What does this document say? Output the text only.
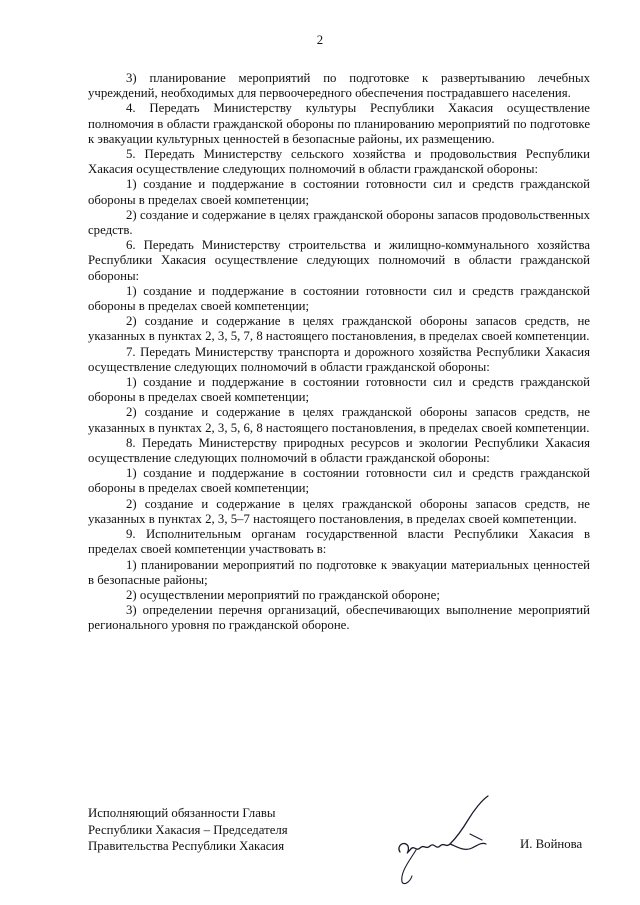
2

3) планирование мероприятий по подготовке к развертыванию лечебных учреждений, необходимых для первоочередного обеспечения пострадавшего населения.

4. Передать Министерству культуры Республики Хакасия осуществление полномочия в области гражданской обороны по планированию мероприятий по подготовке к эвакуации культурных ценностей в безопасные районы, их размещению.

5. Передать Министерству сельского хозяйства и продовольствия Республики Хакасия осуществление следующих полномочий в области гражданской обороны:

1) создание и поддержание в состоянии готовности сил и средств гражданской обороны в пределах своей компетенции;

2) создание и содержание в целях гражданской обороны запасов продовольственных средств.

6. Передать Министерству строительства и жилищно-коммунального хозяйства Республики Хакасия осуществление следующих полномочий в области гражданской обороны:

1) создание и поддержание в состоянии готовности сил и средств гражданской обороны в пределах своей компетенции;

2) создание и содержание в целях гражданской обороны запасов средств, не указанных в пунктах 2, 3, 5, 7, 8 настоящего постановления, в пределах своей компетенции.

7. Передать Министерству транспорта и дорожного хозяйства Республики Хакасия осуществление следующих полномочий в области гражданской обороны:

1) создание и поддержание в состоянии готовности сил и средств гражданской обороны в пределах своей компетенции;

2) создание и содержание в целях гражданской обороны запасов средств, не указанных в пунктах 2, 3, 5, 6, 8 настоящего постановления, в пределах своей компетенции.

8. Передать Министерству природных ресурсов и экологии Республики Хакасия осуществление следующих полномочий в области гражданской обороны:

1) создание и поддержание в состоянии готовности сил и средств гражданской обороны в пределах своей компетенции;

2) создание и содержание в целях гражданской обороны запасов средств, не указанных в пунктах 2, 3, 5–7 настоящего постановления, в пределах своей компетенции.

9. Исполнительным органам государственной власти Республики Хакасия в пределах своей компетенции участвовать в:

1) планировании мероприятий по подготовке к эвакуации материальных ценностей в безопасные районы;

2) осуществлении мероприятий по гражданской обороне;

3) определении перечня организаций, обеспечивающих выполнение мероприятий регионального уровня по гражданской обороне.

Исполняющий обязанности Главы
Республики Хакасия – Председателя
Правительства Республики Хакасия	И. Войнова
